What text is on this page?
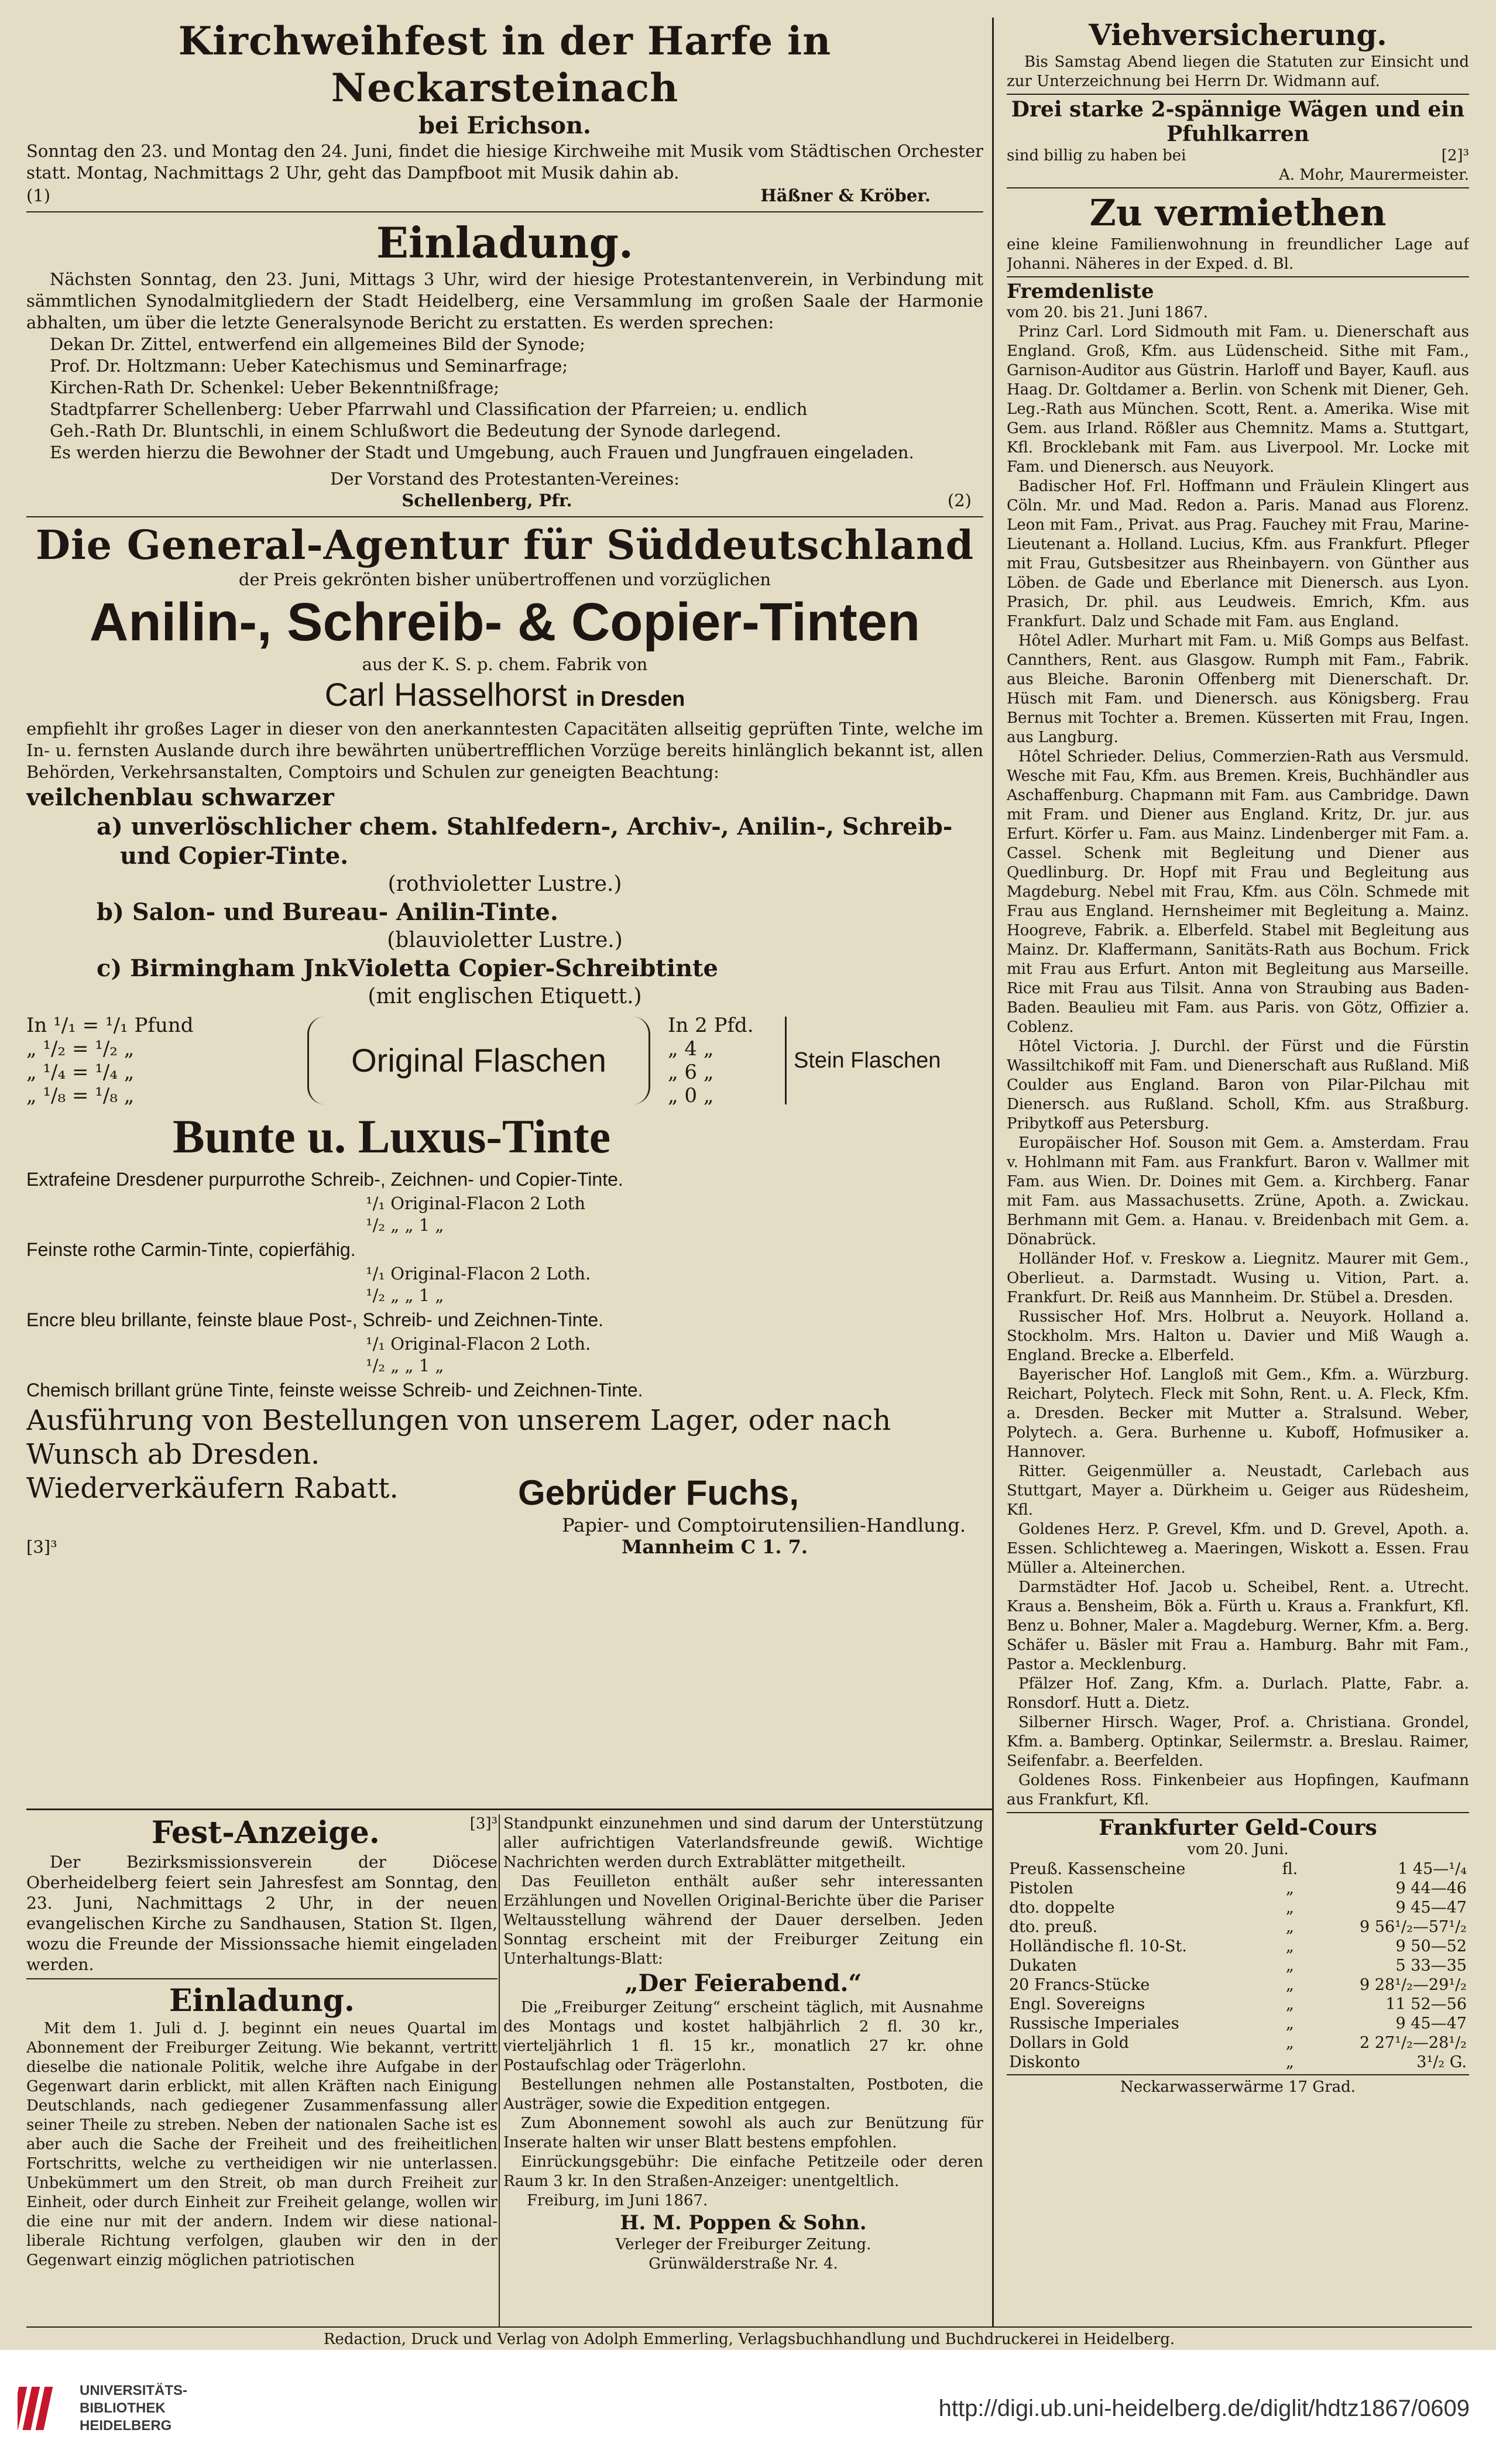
Kirchweihfest in der Harfe in Neckarsteinach

bei Erichson.

Sonntag den 23. und Montag den 24. Juni, findet die hiesige Kirchweihe mit Musik vom Städtischen Orchester statt. Montag, Nachmittags 2 Uhr, geht das Dampfboot mit Musik dahin ab.

(1)	Häßner & Kröber.

Einladung.

Nächsten Sonntag, den 23. Juni, Mittags 3 Uhr, wird der hiesige Protestantenverein, in Verbindung mit sämmtlichen Synodalmitgliedern der Stadt Heidelberg, eine Versammlung im großen Saale der Harmonie abhalten, um über die letzte Generalsynode Bericht zu erstatten. Es werden sprechen:

Dekan Dr. Zittel, entwerfend ein allgemeines Bild der Synode;

Prof. Dr. Holtzmann: Ueber Katechismus und Seminarfrage;

Kirchen-Rath Dr. Schenkel: Ueber Bekenntnißfrage;

Stadtpfarrer Schellenberg: Ueber Pfarrwahl und Classification der Pfarreien; u. endlich

Geh.-Rath Dr. Bluntschli, in einem Schlußwort die Bedeutung der Synode darlegend.

Es werden hierzu die Bewohner der Stadt und Umgebung, auch Frauen und Jungfrauen eingeladen.

Der Vorstand des Protestanten-Vereines:

Schellenberg, Pfr.	(2)

Die General-Agentur für Süddeutschland

der Preis gekrönten bisher unübertroffenen und vorzüglichen

Anilin-, Schreib- & Copier-Tinten

aus der K. S. p. chem. Fabrik von

Carl Hasselhorst in Dresden

empfiehlt ihr großes Lager in dieser von den anerkanntesten Capacitäten allseitig geprüften Tinte, welche im In- u. fernsten Auslande durch ihre bewährten unübertrefflichen Vorzüge bereits hinlänglich bekannt ist, allen Behörden, Verkehrsanstalten, Comptoirs und Schulen zur geneigten Beachtung:

veilchenblau schwarzer

a) unverlöschlicher chem. Stahlfedern-, Archiv-, Anilin-, Schreib- und Copier-Tinte.

(rothvioletter Lustre.)

b) Salon- und Bureau- Anilin-Tinte.

(blauvioletter Lustre.)

c) Birmingham JnkVioletta Copier-Schreibtinte

(mit englischen Etiquett.)

In ¹/₁ = ¹/₁ Pfund

„ ¹/₂ = ¹/₂ „

„ ¹/₄ = ¹/₄ „

„ ¹/₈ = ¹/₈ „

Original Flaschen

In 2 Pfd.

„ 4 „

„ 6 „

„ 0 „

Stein Flaschen

Bunte u. Luxus-Tinte

Extrafeine Dresdener purpurrothe Schreib-, Zeichnen- und Copier-Tinte.

¹/₁ Original-Flacon 2 Loth

¹/₂ „ „ 1 „

Feinste rothe Carmin-Tinte, copierfähig.

¹/₁ Original-Flacon 2 Loth.

¹/₂ „ „ 1 „

Encre bleu brillante, feinste blaue Post-, Schreib- und Zeichnen-Tinte.

¹/₁ Original-Flacon 2 Loth.

¹/₂ „ „ 1 „

Chemisch brillant grüne Tinte, feinste weisse Schreib- und Zeichnen-Tinte.

Ausführung von Bestellungen von unserem Lager, oder nach Wunsch ab Dresden.

Wiederverkäufern Rabatt.	Gebrüder Fuchs,

Papier- und Comptoirutensilien-Handlung.

[3]³	Mannheim C 1. 7.
Fest-Anzeige.	[3]³

Der Bezirksmissionsverein der Diöcese Oberheidelberg feiert sein Jahresfest am Sonntag, den 23. Juni, Nachmittags 2 Uhr, in der neuen evangelischen Kirche zu Sandhausen, Station St. Ilgen, wozu die Freunde der Missionssache hiemit eingeladen werden.

Einladung.

Mit dem 1. Juli d. J. beginnt ein neues Quartal im Abonnement der Freiburger Zeitung. Wie bekannt, vertritt dieselbe die nationale Politik, welche ihre Aufgabe in der Gegenwart darin erblickt, mit allen Kräften nach Einigung Deutschlands, nach gediegener Zusammenfassung aller seiner Theile zu streben. Neben der nationalen Sache ist es aber auch die Sache der Freiheit und des freiheitlichen Fortschritts, welche zu vertheidigen wir nie unterlassen. Unbekümmert um den Streit, ob man durch Freiheit zur Einheit, oder durch Einheit zur Freiheit gelange, wollen wir die eine nur mit der andern. Indem wir diese national-liberale Richtung verfolgen, glauben wir den in der Gegenwart einzig möglichen patriotischen

Standpunkt einzunehmen und sind darum der Unterstützung aller aufrichtigen Vaterlandsfreunde gewiß. Wichtige Nachrichten werden durch Extrablätter mitgetheilt.

Das Feuilleton enthält außer sehr interessanten Erzählungen und Novellen Original-Berichte über die Pariser Weltausstellung während der Dauer derselben. Jeden Sonntag erscheint mit der Freiburger Zeitung ein Unterhaltungs-Blatt:

„Der Feierabend.“

Die „Freiburger Zeitung“ erscheint täglich, mit Ausnahme des Montags und kostet halbjährlich 2 fl. 30 kr., vierteljährlich 1 fl. 15 kr., monatlich 27 kr. ohne Postaufschlag oder Trägerlohn.

Bestellungen nehmen alle Postanstalten, Postboten, die Austräger, sowie die Expedition entgegen.

Zum Abonnement sowohl als auch zur Benützung für Inserate halten wir unser Blatt bestens empfohlen.

Einrückungsgebühr: Die einfache Petitzeile oder deren Raum 3 kr. In den Straßen-Anzeiger: unentgeltlich.

Freiburg, im Juni 1867.

H. M. Poppen & Sohn.

Verleger der Freiburger Zeitung.

Grünwälderstraße Nr. 4.

Viehversicherung.

Bis Samstag Abend liegen die Statuten zur Einsicht und zur Unterzeichnung bei Herrn Dr. Widmann auf.

Drei starke 2-spännige Wägen und ein Pfuhlkarren

sind billig zu haben bei	[2]³

A. Mohr, Maurermeister.

Zu vermiethen

eine kleine Familienwohnung in freundlicher Lage auf Johanni. Näheres in der Exped. d. Bl.

Fremdenliste

vom 20. bis 21. Juni 1867.

Prinz Carl. Lord Sidmouth mit Fam. u. Dienerschaft aus England. Groß, Kfm. aus Lüdenscheid. Sithe mit Fam., Garnison-Auditor aus Güstrin. Harloff und Bayer, Kaufl. aus Haag. Dr. Goltdamer a. Berlin. von Schenk mit Diener, Geh. Leg.-Rath aus München. Scott, Rent. a. Amerika. Wise mit Gem. aus Irland. Rößler aus Chemnitz. Mams a. Stuttgart, Kfl. Brocklebank mit Fam. aus Liverpool. Mr. Locke mit Fam. und Dienersch. aus Neuyork.

Badischer Hof. Frl. Hoffmann und Fräulein Klingert aus Cöln. Mr. und Mad. Redon a. Paris. Manad aus Florenz. Leon mit Fam., Privat. aus Prag. Fauchey mit Frau, Marine-Lieutenant a. Holland. Lucius, Kfm. aus Frankfurt. Pfleger mit Frau, Gutsbesitzer aus Rheinbayern. von Günther aus Löben. de Gade und Eberlance mit Dienersch. aus Lyon. Prasich, Dr. phil. aus Leudweis. Emrich, Kfm. aus Frankfurt. Dalz und Schade mit Fam. aus England.

Hôtel Adler. Murhart mit Fam. u. Miß Gomps aus Belfast. Cannthers, Rent. aus Glasgow. Rumph mit Fam., Fabrik. aus Bleiche. Baronin Offenberg mit Dienerschaft. Dr. Hüsch mit Fam. und Dienersch. aus Königsberg. Frau Bernus mit Tochter a. Bremen. Küsserten mit Frau, Ingen. aus Langburg.

Hôtel Schrieder. Delius, Commerzien-Rath aus Versmuld. Wesche mit Fau, Kfm. aus Bremen. Kreis, Buchhändler aus Aschaffenburg. Chapmann mit Fam. aus Cambridge. Dawn mit Fram. und Diener aus England. Kritz, Dr. jur. aus Erfurt. Körfer u. Fam. aus Mainz. Lindenberger mit Fam. a. Cassel. Schenk mit Begleitung und Diener aus Quedlinburg. Dr. Hopf mit Frau und Begleitung aus Magdeburg. Nebel mit Frau, Kfm. aus Cöln. Schmede mit Frau aus England. Hernsheimer mit Begleitung a. Mainz. Hoogreve, Fabrik. a. Elberfeld. Stabel mit Begleitung aus Mainz. Dr. Klaffermann, Sanitäts-Rath aus Bochum. Frick mit Frau aus Erfurt. Anton mit Begleitung aus Marseille. Rice mit Frau aus Tilsit. Anna von Straubing aus Baden-Baden. Beaulieu mit Fam. aus Paris. von Götz, Offizier a. Coblenz.

Hôtel Victoria. J. Durchl. der Fürst und die Fürstin Wassiltchikoff mit Fam. und Dienerschaft aus Rußland. Miß Coulder aus England. Baron von Pilar-Pilchau mit Dienersch. aus Rußland. Scholl, Kfm. aus Straßburg. Pribytkoff aus Petersburg.

Europäischer Hof. Souson mit Gem. a. Amsterdam. Frau v. Hohlmann mit Fam. aus Frankfurt. Baron v. Wallmer mit Fam. aus Wien. Dr. Doines mit Gem. a. Kirchberg. Fanar mit Fam. aus Massachusetts. Zrüne, Apoth. a. Zwickau. Berhmann mit Gem. a. Hanau. v. Breidenbach mit Gem. a. Dönabrück.

Holländer Hof. v. Freskow a. Liegnitz. Maurer mit Gem., Oberlieut. a. Darmstadt. Wusing u. Vition, Part. a. Frankfurt. Dr. Reiß aus Mannheim. Dr. Stübel a. Dresden.

Russischer Hof. Mrs. Holbrut a. Neuyork. Holland a. Stockholm. Mrs. Halton u. Davier und Miß Waugh a. England. Brecke a. Elberfeld.

Bayerischer Hof. Langloß mit Gem., Kfm. a. Würzburg. Reichart, Polytech. Fleck mit Sohn, Rent. u. A. Fleck, Kfm. a. Dresden. Becker mit Mutter a. Stralsund. Weber, Polytech. a. Gera. Burhenne u. Kuboff, Hofmusiker a. Hannover.

Ritter. Geigenmüller a. Neustadt, Carlebach aus Stuttgart, Mayer a. Dürkheim u. Geiger aus Rüdesheim, Kfl.

Goldenes Herz. P. Grevel, Kfm. und D. Grevel, Apoth. a. Essen. Schlichteweg a. Maeringen, Wiskott a. Essen. Frau Müller a. Alteinerchen.

Darmstädter Hof. Jacob u. Scheibel, Rent. a. Utrecht. Kraus a. Bensheim, Bök a. Fürth u. Kraus a. Frankfurt, Kfl. Benz u. Bohner, Maler a. Magdeburg. Werner, Kfm. a. Berg. Schäfer u. Bäsler mit Frau a. Hamburg. Bahr mit Fam., Pastor a. Mecklenburg.

Pfälzer Hof. Zang, Kfm. a. Durlach. Platte, Fabr. a. Ronsdorf. Hutt a. Dietz.

Silberner Hirsch. Wager, Prof. a. Christiana. Grondel, Kfm. a. Bamberg. Optinkar, Seilermstr. a. Breslau. Raimer, Seifenfabr. a. Beerfelden.

Goldenes Ross. Finkenbeier aus Hopfingen, Kaufmann aus Frankfurt, Kfl.

Frankfurter Geld-Cours

vom 20. Juni.

Preuß. Kassenscheine	fl.	1 45—¹/₄
Pistolen	„	9 44—46
dto. doppelte	„	9 45—47
dto. preuß.	„	9 56¹/₂—57¹/₂
Holländische fl. 10-St.	„	9 50—52
Dukaten	„	5 33—35
20 Francs-Stücke	„	9 28¹/₂—29¹/₂
Engl. Sovereigns	„	11 52—56
Russische Imperiales	„	9 45—47
Dollars in Gold	„	2 27¹/₂—28¹/₂
Diskonto	„	3¹/₂ G.

Neckarwasserwärme 17 Grad.

Redaction, Druck und Verlag von Adolph Emmerling, Verlagsbuchhandlung und Buchdruckerei in Heidelberg.

UNIVERSITÄTS-
BIBLIOTHEK
HEIDELBERG
http://digi.ub.uni-heidelberg.de/diglit/hdtz1867/0609
